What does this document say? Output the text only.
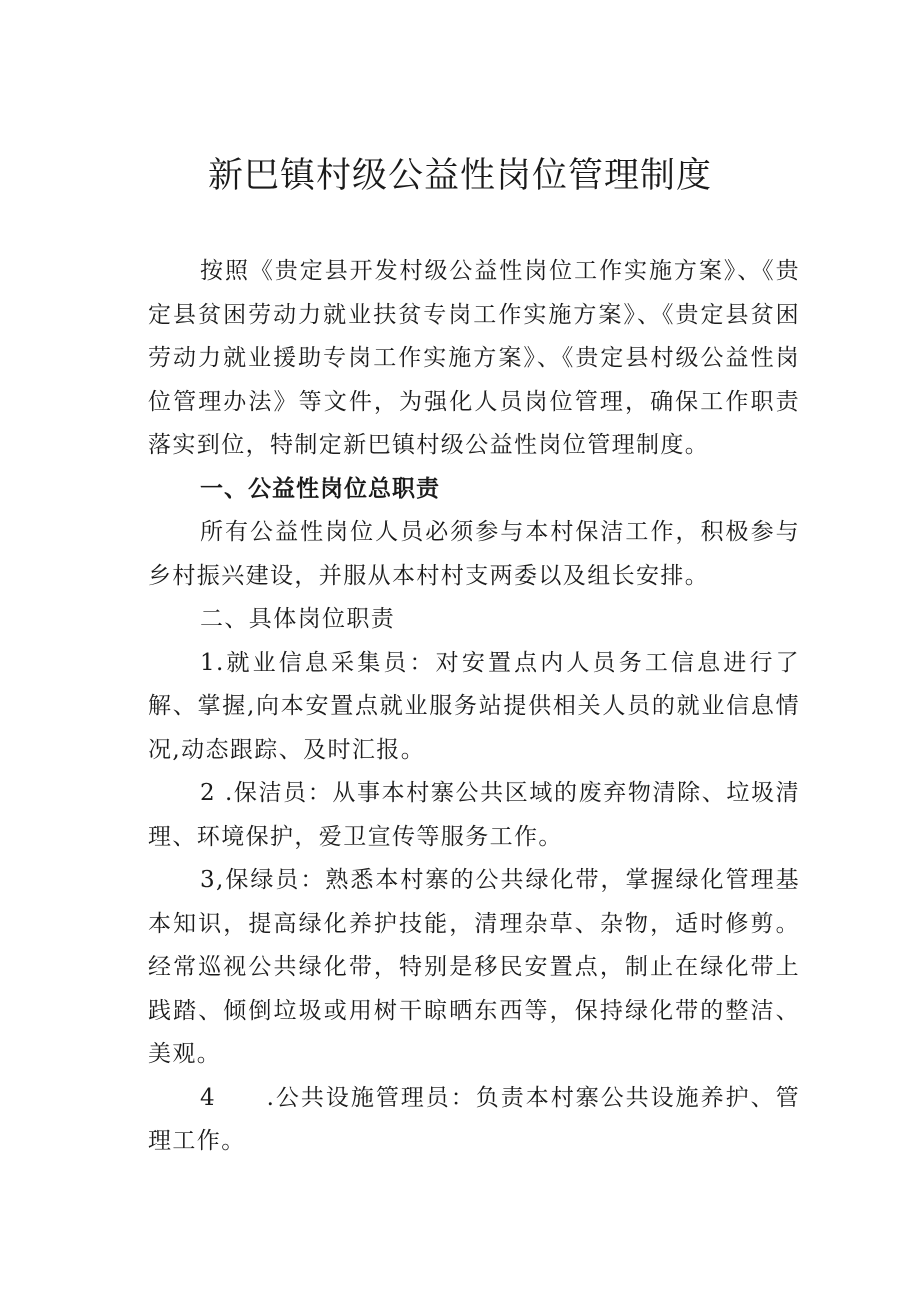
新巴镇村级公益性岗位管理制度

按照《贵定县开发村级公益性岗位工作实施方案》、《贵定县贫困劳动力就业扶贫专岗工作实施方案》、《贵定县贫困劳动力就业援助专岗工作实施方案》、《贵定县村级公益性岗位管理办法》等文件，为强化人员岗位管理，确保工作职责落实到位，特制定新巴镇村级公益性岗位管理制度。

一、公益性岗位总职责

所有公益性岗位人员必须参与本村保洁工作，积极参与乡村振兴建设，并服从本村村支两委以及组长安排。

二、具体岗位职责

1.就业信息采集员：对安置点内人员务工信息进行了解、掌握,向本安置点就业服务站提供相关人员的就业信息情况,动态跟踪、及时汇报。

2 .保洁员：从事本村寨公共区域的废弃物清除、垃圾清理、环境保护，爱卫宣传等服务工作。

3,保绿员：熟悉本村寨的公共绿化带，掌握绿化管理基本知识，提高绿化养护技能，清理杂草、杂物，适时修剪。经常巡视公共绿化带，特别是移民安置点，制止在绿化带上践踏、倾倒垃圾或用树干晾晒东西等，保持绿化带的整洁、美观。

4　　.公共设施管理员：负责本村寨公共设施养护、管理工作。
